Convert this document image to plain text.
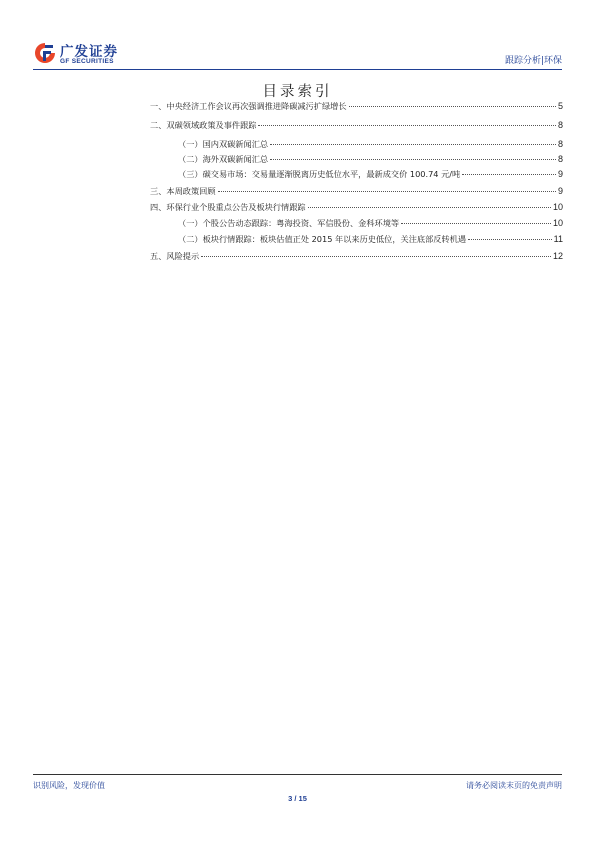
广发证券
GF SECURITIES	跟踪分析|环保
目录索引
一、中央经济工作会议再次强调推进降碳减污扩绿增长	5
二、双碳领域政策及事件跟踪	8
（一）国内双碳新闻汇总	8
（二）海外双碳新闻汇总	8
（三）碳交易市场：交易量逐渐脱离历史低位水平，最新成交价 100.74 元/吨	9
三、本周政策回顾	9
四、环保行业个股重点公告及板块行情跟踪	10
（一）个股公告动态跟踪：粤海投资、军信股份、金科环境等	10
（二）板块行情跟踪：板块估值正处 2015 年以来历史低位，关注底部反转机遇	11
五、风险提示	12
识别风险，发现价值	请务必阅读末页的免责声明
3 / 15
